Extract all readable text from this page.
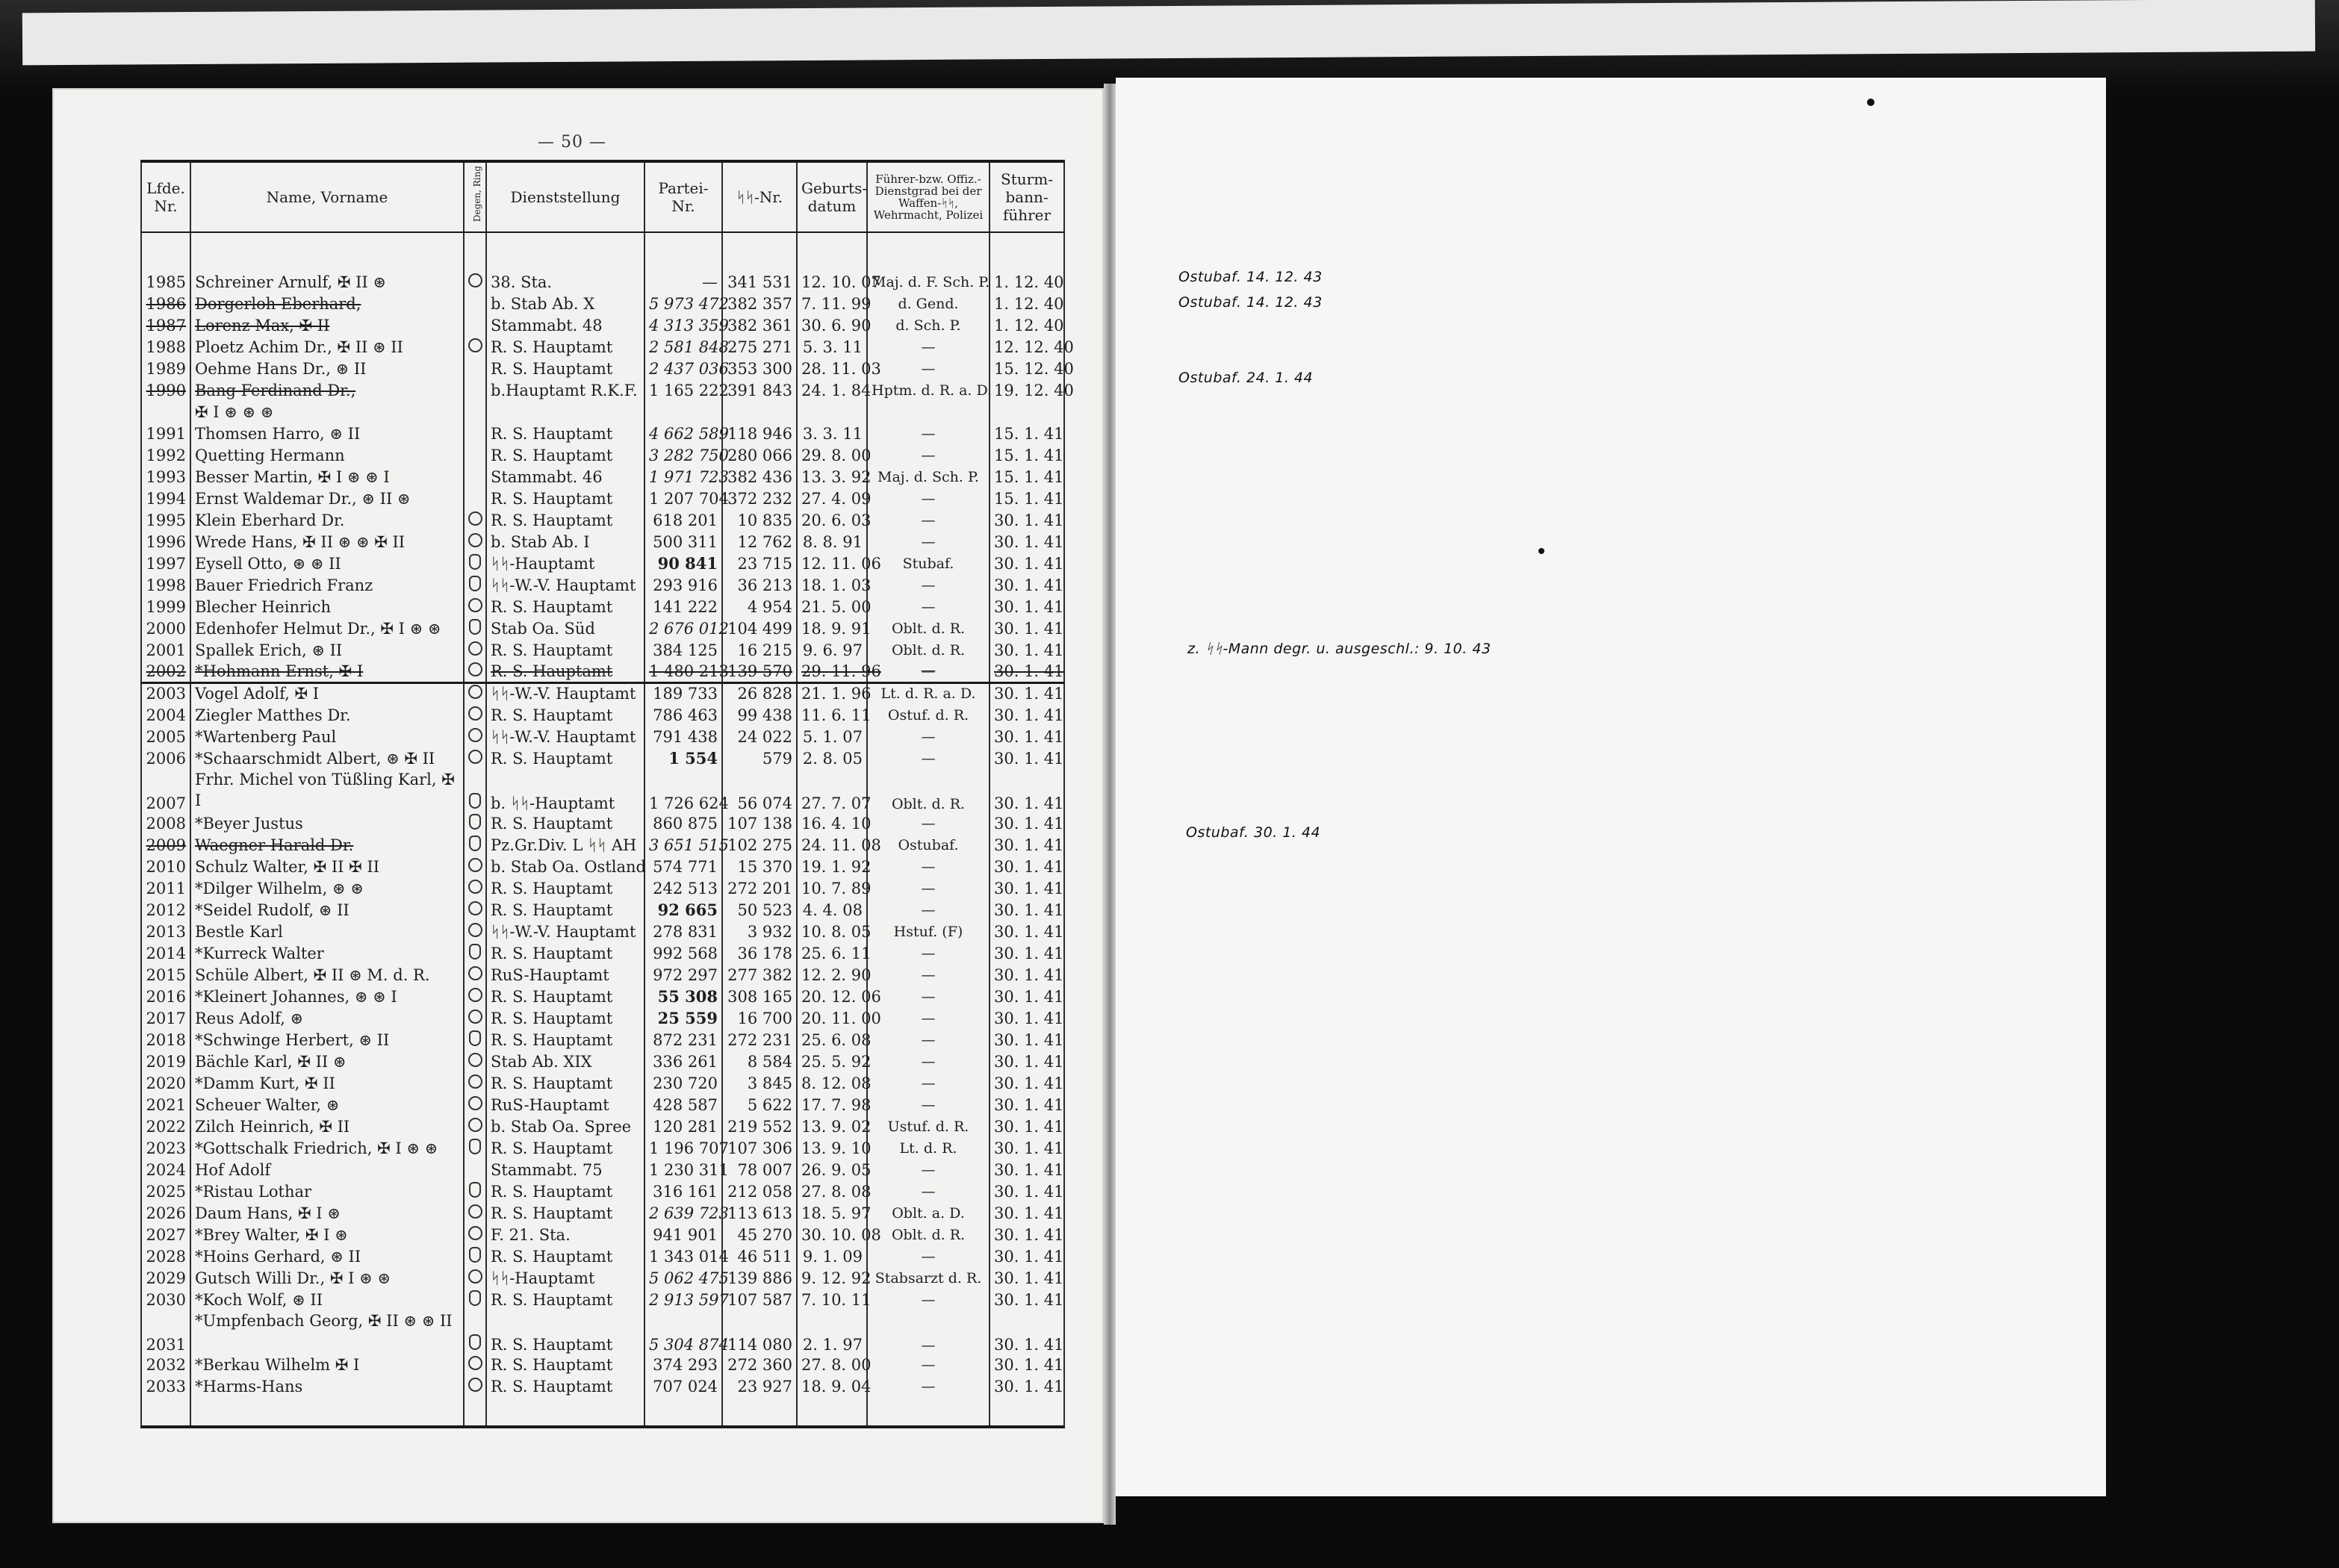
— 50 —
Lfde. Nr.	Name, Vorname	Degen, Ring	Dienststellung	Partei- Nr.	ᛋᛋ-Nr.	Geburts- datum	Führer-bzw. Offiz.-Dienstgrad bei der Waffen-ᛋᛋ, Wehrmacht, Polizei	Sturm- bann- führer

1985	Schreiner Arnulf, ✠ II ⊛		38. Sta.	—	341 531	12. 10. 07	Maj. d. F. Sch. P.	1. 12. 40
1986	Dorgerloh Eberhard,		b. Stab Ab. X	5 973 472	382 357	7. 11. 99	d. Gend.	1. 12. 40
1987	Lorenz Max, ✠ II		Stammabt. 48	4 313 359	382 361	30. 6. 90	d. Sch. P.	1. 12. 40
1988	Ploetz Achim Dr., ✠ II ⊛ II		R. S. Hauptamt	2 581 848	275 271	5. 3. 11	—	12. 12. 40
1989	Oehme Hans Dr., ⊛ II		R. S. Hauptamt	2 437 036	353 300	28. 11. 03	—	15. 12. 40
1990	Bang Ferdinand Dr.,		b.Hauptamt R.K.F.	1 165 222	391 843	24. 1. 84	Hptm. d. R. a. D.	19. 12. 40
	✠ I ⊛ ⊛ ⊛							
1991	Thomsen Harro, ⊛ II		R. S. Hauptamt	4 662 589	118 946	3. 3. 11	—	15. 1. 41
1992	Quetting Hermann		R. S. Hauptamt	3 282 750	280 066	29. 8. 00	—	15. 1. 41
1993	Besser Martin, ✠ I ⊛ ⊛ I		Stammabt. 46	1 971 723	382 436	13. 3. 92	Maj. d. Sch. P.	15. 1. 41
1994	Ernst Waldemar Dr., ⊛ II ⊛		R. S. Hauptamt	1 207 704	372 232	27. 4. 09	—	15. 1. 41
1995	Klein Eberhard Dr.		R. S. Hauptamt	618 201	10 835	20. 6. 03	—	30. 1. 41
1996	Wrede Hans, ✠ II ⊛ ⊛ ✠ II		b. Stab Ab. I	500 311	12 762	8. 8. 91	—	30. 1. 41
1997	Eysell Otto, ⊛ ⊛ II		ᛋᛋ-Hauptamt	90 841	23 715	12. 11. 06	Stubaf.	30. 1. 41
1998	Bauer Friedrich Franz		ᛋᛋ-W.-V. Hauptamt	293 916	36 213	18. 1. 03	—	30. 1. 41
1999	Blecher Heinrich		R. S. Hauptamt	141 222	4 954	21. 5. 00	—	30. 1. 41
2000	Edenhofer Helmut Dr., ✠ I ⊛ ⊛		Stab Oa. Süd	2 676 012	104 499	18. 9. 91	Oblt. d. R.	30. 1. 41
2001	Spallek Erich, ⊛ II		R. S. Hauptamt	384 125	16 215	9. 6. 97	Oblt. d. R.	30. 1. 41
2002	*Hohmann Ernst, ✠ I		R. S. Hauptamt	1 480 213	139 570	29. 11. 96	—	30. 1. 41
2003	Vogel Adolf, ✠ I		ᛋᛋ-W.-V. Hauptamt	189 733	26 828	21. 1. 96	Lt. d. R. a. D.	30. 1. 41
2004	Ziegler Matthes Dr.		R. S. Hauptamt	786 463	99 438	11. 6. 11	Ostuf. d. R.	30. 1. 41
2005	*Wartenberg Paul		ᛋᛋ-W.-V. Hauptamt	791 438	24 022	5. 1. 07	—	30. 1. 41
2006	*Schaarschmidt Albert, ⊛ ✠ II		R. S. Hauptamt	1 554	579	2. 8. 05	—	30. 1. 41
2007	Frhr. Michel von Tüßling Karl, ✠ I		b. ᛋᛋ-Hauptamt	1 726 624	56 074	27. 7. 07	Oblt. d. R.	30. 1. 41
2008	*Beyer Justus		R. S. Hauptamt	860 875	107 138	16. 4. 10	—	30. 1. 41
2009	Waegner Harald Dr.		Pz.Gr.Div. L ᛋᛋ AH	3 651 515	102 275	24. 11. 08	Ostubaf.	30. 1. 41
2010	Schulz Walter, ✠ II ✠ II		b. Stab Oa. Ostland	574 771	15 370	19. 1. 92	—	30. 1. 41
2011	*Dilger Wilhelm, ⊛ ⊛		R. S. Hauptamt	242 513	272 201	10. 7. 89	—	30. 1. 41
2012	*Seidel Rudolf, ⊛ II		R. S. Hauptamt	92 665	50 523	4. 4. 08	—	30. 1. 41
2013	Bestle Karl		ᛋᛋ-W.-V. Hauptamt	278 831	3 932	10. 8. 05	Hstuf. (F)	30. 1. 41
2014	*Kurreck Walter		R. S. Hauptamt	992 568	36 178	25. 6. 11	—	30. 1. 41
2015	Schüle Albert, ✠ II ⊛ M. d. R.		RuS-Hauptamt	972 297	277 382	12. 2. 90	—	30. 1. 41
2016	*Kleinert Johannes, ⊛ ⊛ I		R. S. Hauptamt	55 308	308 165	20. 12. 06	—	30. 1. 41
2017	Reus Adolf, ⊛		R. S. Hauptamt	25 559	16 700	20. 11. 00	—	30. 1. 41
2018	*Schwinge Herbert, ⊛ II		R. S. Hauptamt	872 231	272 231	25. 6. 08	—	30. 1. 41
2019	Bächle Karl, ✠ II ⊛		Stab Ab. XIX	336 261	8 584	25. 5. 92	—	30. 1. 41
2020	*Damm Kurt, ✠ II		R. S. Hauptamt	230 720	3 845	8. 12. 08	—	30. 1. 41
2021	Scheuer Walter, ⊛		RuS-Hauptamt	428 587	5 622	17. 7. 98	—	30. 1. 41
2022	Zilch Heinrich, ✠ II		b. Stab Oa. Spree	120 281	219 552	13. 9. 02	Ustuf. d. R.	30. 1. 41
2023	*Gottschalk Friedrich, ✠ I ⊛ ⊛		R. S. Hauptamt	1 196 707	107 306	13. 9. 10	Lt. d. R.	30. 1. 41
2024	Hof Adolf		Stammabt. 75	1 230 311	78 007	26. 9. 05	—	30. 1. 41
2025	*Ristau Lothar		R. S. Hauptamt	316 161	212 058	27. 8. 08	—	30. 1. 41
2026	Daum Hans, ✠ I ⊛		R. S. Hauptamt	2 639 723	113 613	18. 5. 97	Oblt. a. D.	30. 1. 41
2027	*Brey Walter, ✠ I ⊛		F. 21. Sta.	941 901	45 270	30. 10. 08	Oblt. d. R.	30. 1. 41
2028	*Hoins Gerhard, ⊛ II		R. S. Hauptamt	1 343 014	46 511	9. 1. 09	—	30. 1. 41
2029	Gutsch Willi Dr., ✠ I ⊛ ⊛		ᛋᛋ-Hauptamt	5 062 475	139 886	9. 12. 92	Stabsarzt d. R.	30. 1. 41
2030	*Koch Wolf, ⊛ II		R. S. Hauptamt	2 913 597	107 587	7. 10. 11	—	30. 1. 41
2031	*Umpfenbach Georg, ✠ II ⊛ ⊛ II		R. S. Hauptamt	5 304 874	114 080	2. 1. 97	—	30. 1. 41
2032	*Berkau Wilhelm ✠ I		R. S. Hauptamt	374 293	272 360	27. 8. 00	—	30. 1. 41
2033	*Harms-Hans		R. S. Hauptamt	707 024	23 927	18. 9. 04	—	30. 1. 41

Ostubaf. 14. 12. 43
Ostubaf. 14. 12. 43
Ostubaf. 24. 1. 44
z. ᛋᛋ-Mann degr. u. ausgeschl.: 9. 10. 43
Ostubaf. 30. 1. 44
